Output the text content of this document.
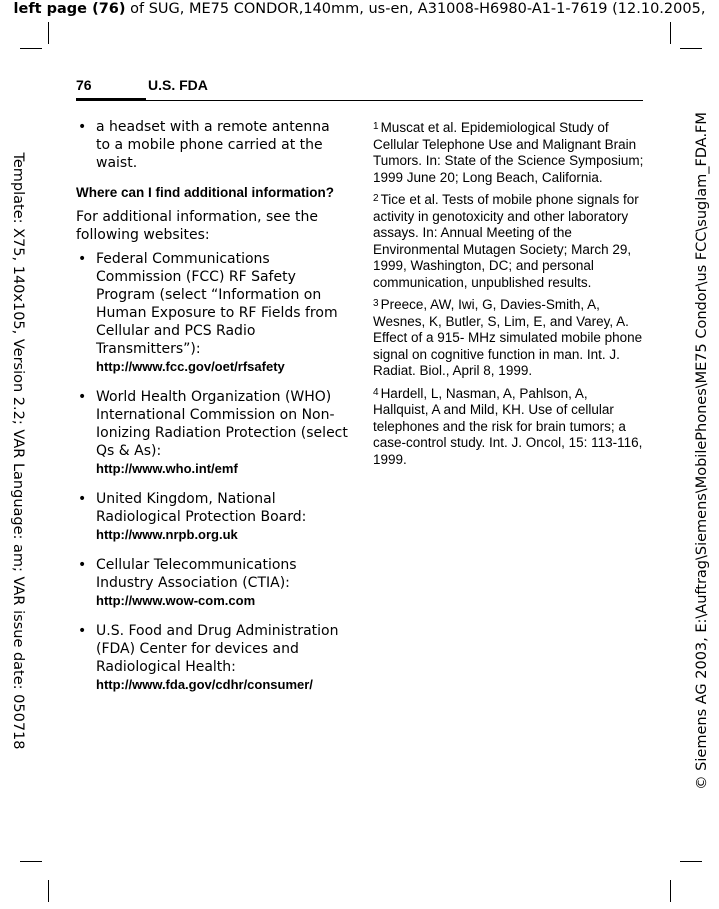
left page (76) of SUG, ME75 CONDOR,140mm, us-en, A31008-H6980-A1-1-7619 (12.10.2005,
Template: X75, 140x105, Version 2.2; VAR Language: am; VAR issue date: 050718	© Siemens AG 2003, E:\Auftrag\Siemens\MobilePhones\ME75 Condor\us FCC\suglam_FDA.FM
76	U.S. FDA
• a headset with a remote antenna to a mobile phone carried at the waist.
Where can I find additional information?
For additional information, see the following websites:
• Federal Communications Commission (FCC) RF Safety Program (select “Information on Human Exposure to RF Fields from Cellular and PCS Radio Transmitters”):
http://www.fcc.gov/oet/rfsafety
• World Health Organization (WHO) International Commission on Non-Ionizing Radiation Protection (select Qs & As):
http://www.who.int/emf
• United Kingdom, National Radiological Protection Board:
http://www.nrpb.org.uk
• Cellular Telecommunications Industry Association (CTIA):
http://www.wow-com.com
• U.S. Food and Drug Administration (FDA) Center for devices and Radiological Health:
http://www.fda.gov/cdhr/consumer/
$^1$ Muscat et al. Epidemiological Study of Cellular Telephone Use and Malignant Brain Tumors. In: State of the Science Symposium; 1999 June 20; Long Beach, California.
$^2$ Tice et al. Tests of mobile phone signals for activity in genotoxicity and other laboratory assays. In: Annual Meeting of the Environmental Mutagen Society; March 29, 1999, Washington, DC; and personal communication, unpublished results.
$^3$ Preece, AW, Iwi, G, Davies-Smith, A, Wesnes, K, Butler, S, Lim, E, and Varey, A. Effect of a 915- MHz simulated mobile phone signal on cognitive function in man. Int. J. Radiat. Biol., April 8, 1999.
$^4$ Hardell, L, Nasman, A, Pahlson, A, Hallquist, A and Mild, KH. Use of cellular telephones and the risk for brain tumors; a case-control study. Int. J. Oncol, 15: 113-116, 1999.
